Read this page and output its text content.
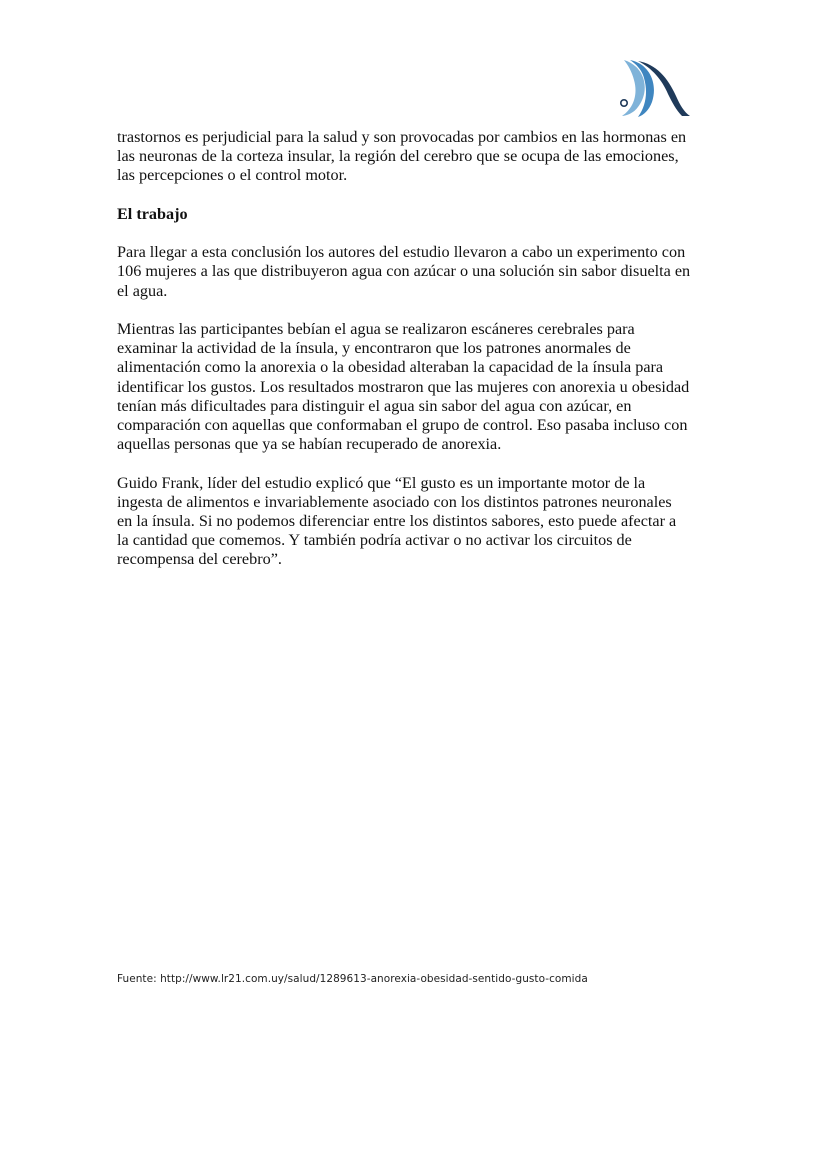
trastornos es perjudicial para la salud y son provocadas por cambios en las hormonas en
las neuronas de la corteza insular, la región del cerebro que se ocupa de las emociones,
las percepciones o el control motor.

El trabajo

Para llegar a esta conclusión los autores del estudio llevaron a cabo un experimento con
106 mujeres a las que distribuyeron agua con azúcar o una solución sin sabor disuelta en
el agua.

Mientras las participantes bebían el agua se realizaron escáneres cerebrales para
examinar la actividad de la ínsula, y encontraron que los patrones anormales de
alimentación como la anorexia o la obesidad alteraban la capacidad de la ínsula para
identificar los gustos. Los resultados mostraron que las mujeres con anorexia u obesidad
tenían más dificultades para distinguir el agua sin sabor del agua con azúcar, en
comparación con aquellas que conformaban el grupo de control. Eso pasaba incluso con
aquellas personas que ya se habían recuperado de anorexia.

Guido Frank, líder del estudio explicó que “El gusto es un importante motor de la
ingesta de alimentos e invariablemente asociado con los distintos patrones neuronales
en la ínsula. Si no podemos diferenciar entre los distintos sabores, esto puede afectar a
la cantidad que comemos. Y también podría activar o no activar los circuitos de
recompensa del cerebro”.

Fuente: http://www.lr21.com.uy/salud/1289613-anorexia-obesidad-sentido-gusto-comida
